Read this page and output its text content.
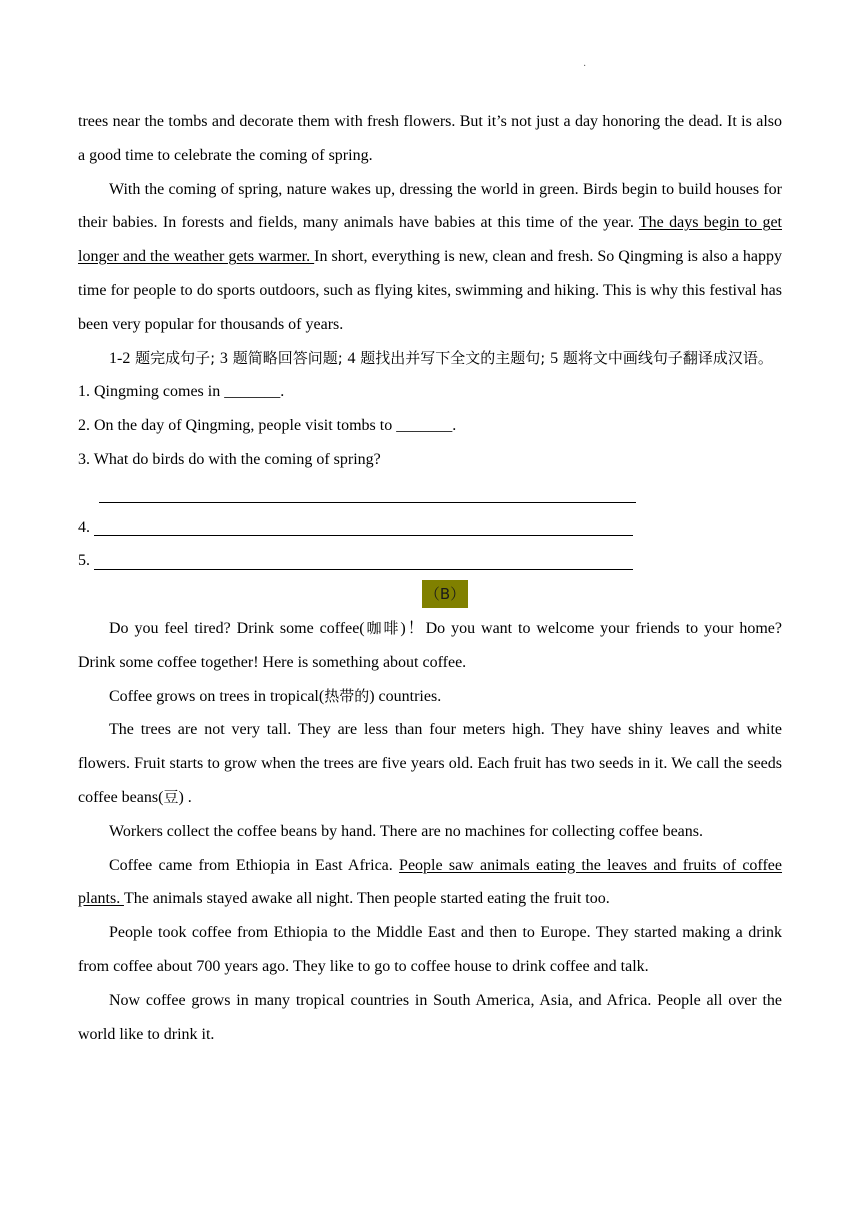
·

trees near the tombs and decorate them with fresh flowers. But it’s not just a day honoring the dead. It is also a good time to celebrate the coming of spring.

With the coming of spring, nature wakes up, dressing the world in green. Birds begin to build houses for their babies. In forests and fields, many animals have babies at this time of the year. The days begin to get longer and the weather gets warmer. In short, everything is new, clean and fresh. So Qingming is also a happy time for people to do sports outdoors, such as flying kites, swimming and hiking. This is why this festival has been very popular for thousands of years.

1-2 题完成句子; 3 题简略回答问题; 4 题找出并写下全文的主题句; 5 题将文中画线句子翻译成汉语。

1. Qingming comes in _______.

2. On the day of Qingming, people visit tombs to _______.

3. What do birds do with the coming of spring?

4.
5.
（B）

Do you feel tired? Drink some coffee(咖啡)！Do you want to welcome your friends to your home? Drink some coffee together! Here is something about coffee.

Coffee grows on trees in tropical(热带的) countries.

The trees are not very tall. They are less than four meters high. They have shiny leaves and white flowers. Fruit starts to grow when the trees are five years old. Each fruit has two seeds in it. We call the seeds coffee beans(豆) .

Workers collect the coffee beans by hand. There are no machines for collecting coffee beans.

Coffee came from Ethiopia in East Africa. People saw animals eating the leaves and fruits of coffee plants. The animals stayed awake all night. Then people started eating the fruit too.

People took coffee from Ethiopia to the Middle East and then to Europe. They started making a drink from coffee about 700 years ago. They like to go to coffee house to drink coffee and talk.

Now coffee grows in many tropical countries in South America, Asia, and Africa. People all over the world like to drink it.
